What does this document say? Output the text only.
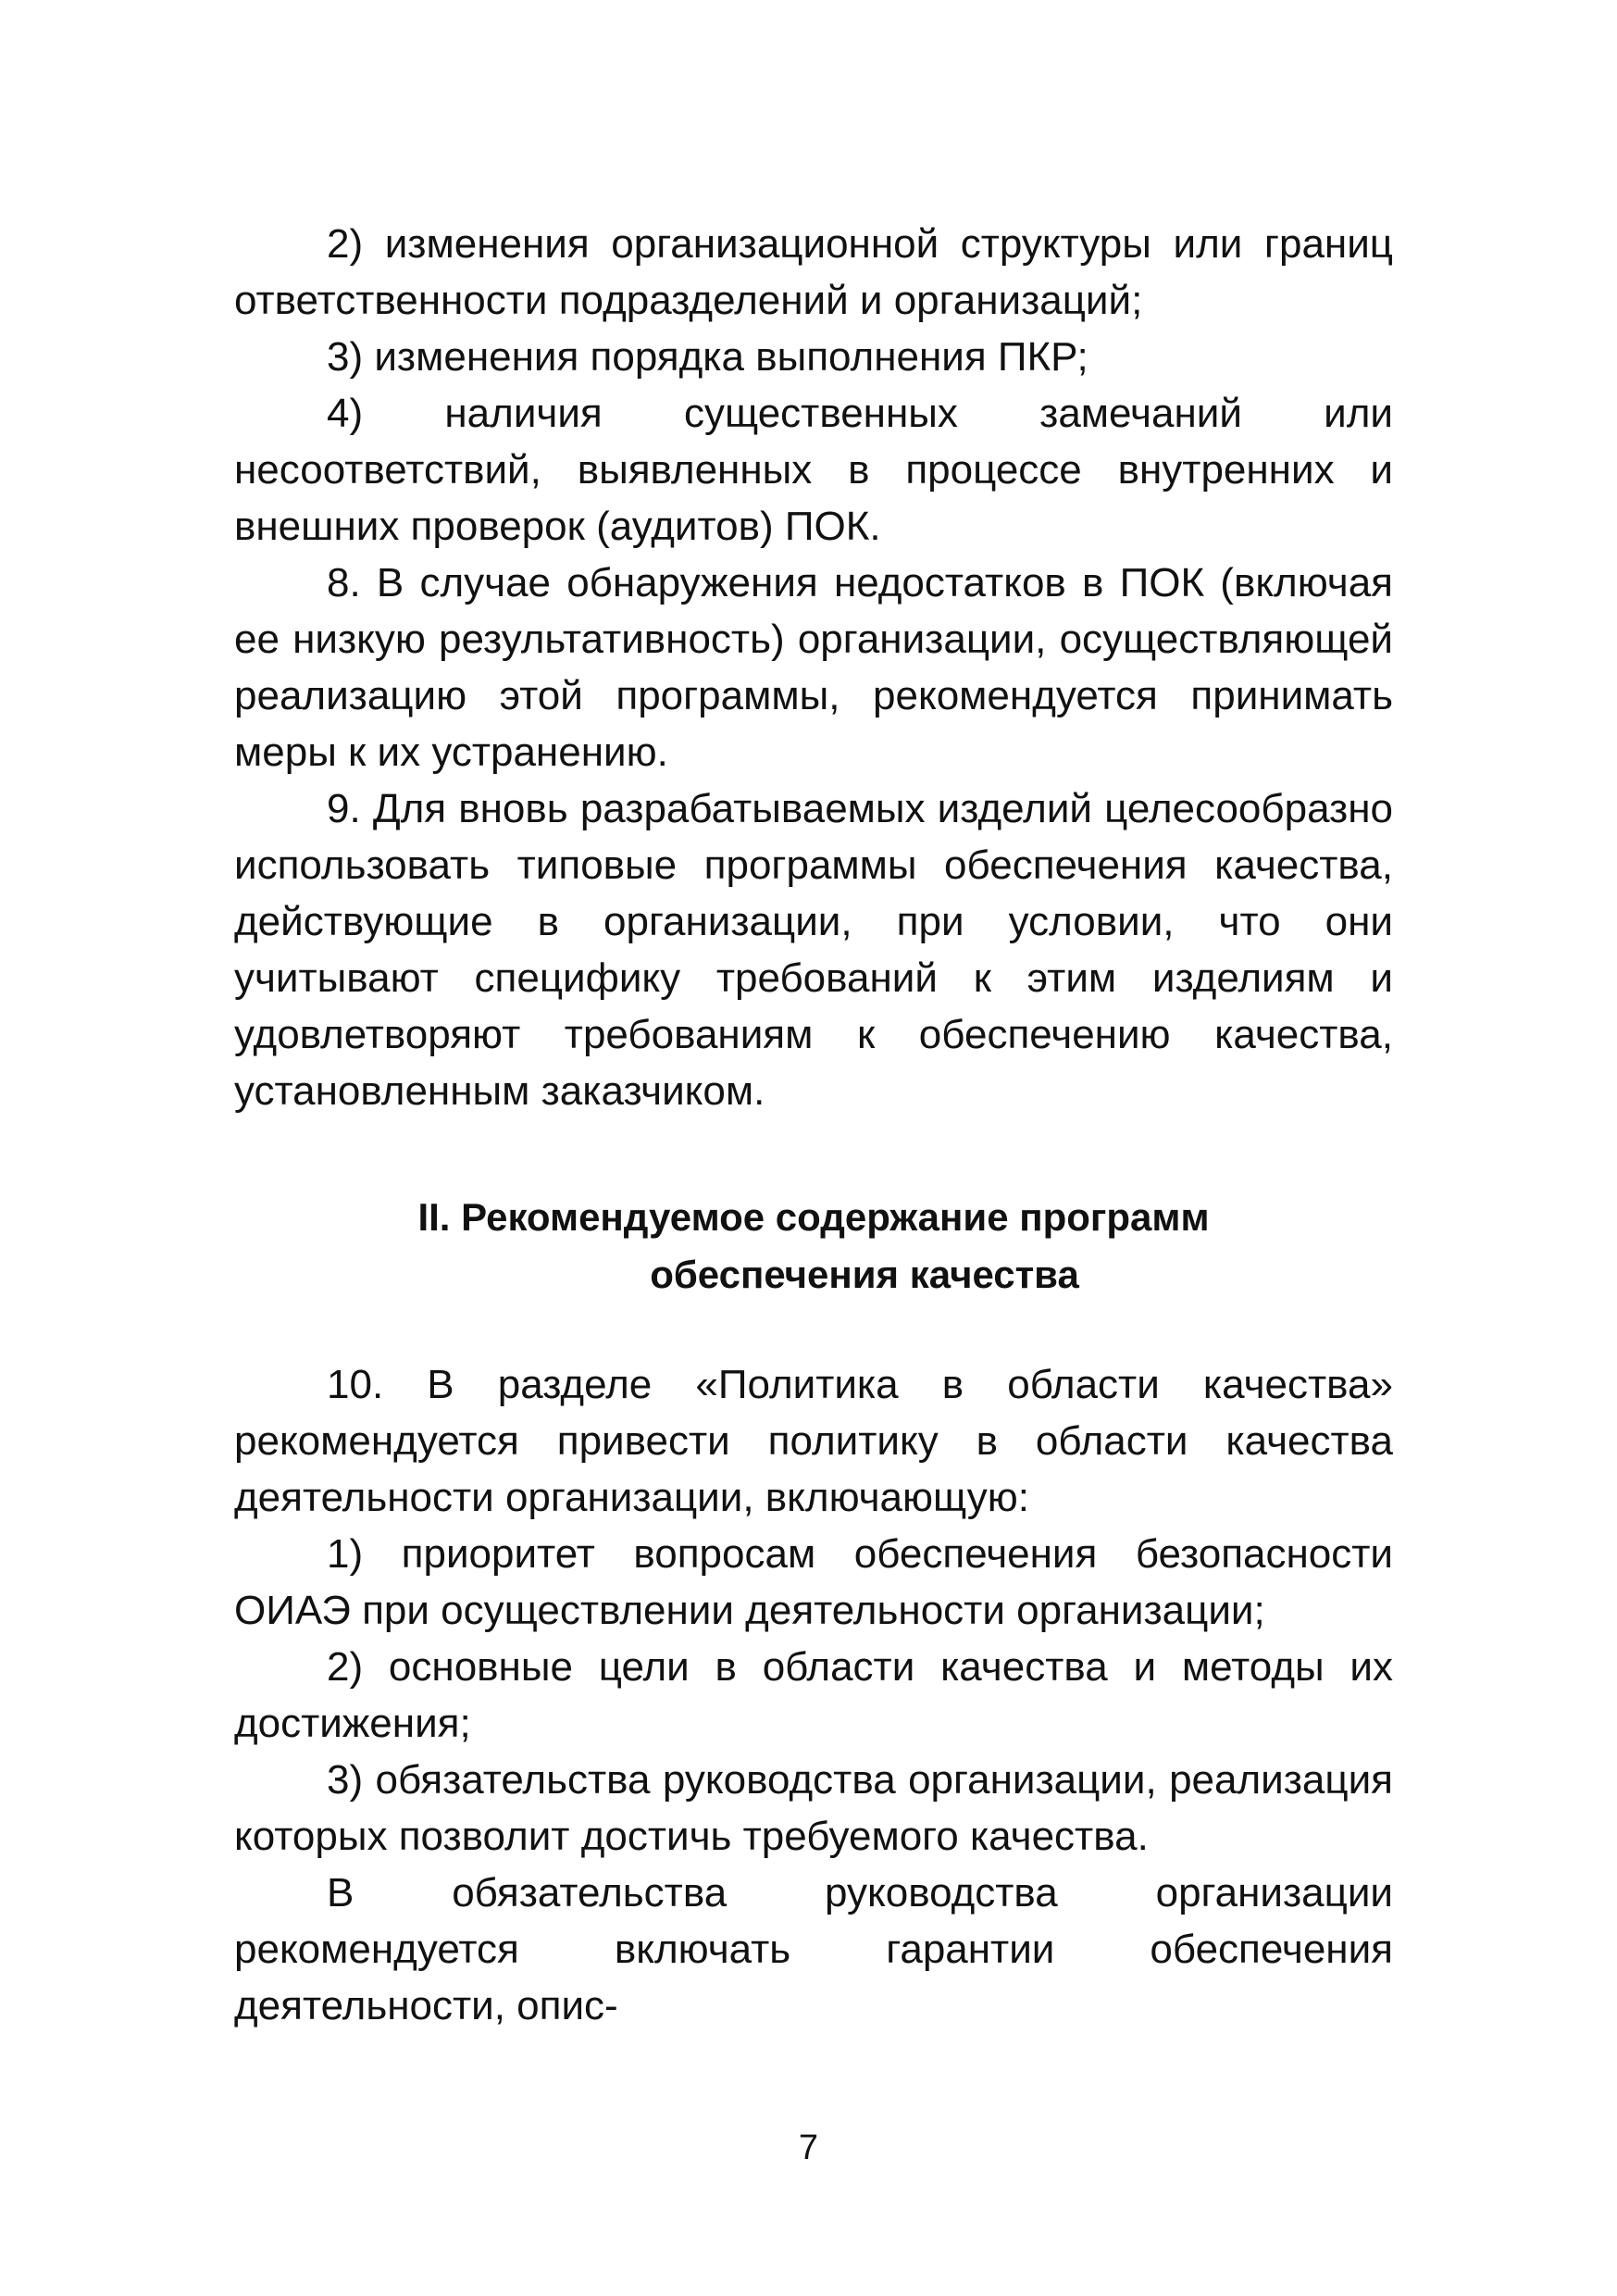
2) изменения организационной структуры или границ ответственности подразделений и организаций;

3) изменения порядка выполнения ПКР;

4) наличия существенных замечаний или несоответствий, выявленных в процессе внутренних и внешних проверок (аудитов) ПОК.

8. В случае обнаружения недостатков в ПОК (включая ее низкую результативность) организации, осуществляющей реализацию этой программы, рекомендуется принимать меры к их устранению.

9. Для вновь разрабатываемых изделий целесообразно использовать типовые программы обеспечения качества, действующие в организации, при условии, что они учитывают специфику требований к этим изделиям и удовлетворяют требованиям к обеспечению качества, установленным заказчиком.

II. Рекомендуемое содержание программ
обеспечения качества

10. В разделе «Политика в области качества» рекомендуется привести политику в области качества деятельности организации, включающую:

1) приоритет вопросам обеспечения безопасности ОИАЭ при осуществлении деятельности организации;

2) основные цели в области качества и методы их достижения;

3) обязательства руководства организации, реализация которых позволит достичь требуемого качества.

В обязательства руководства организации рекомендуется включать гарантии обеспечения деятельности, опис-

7
